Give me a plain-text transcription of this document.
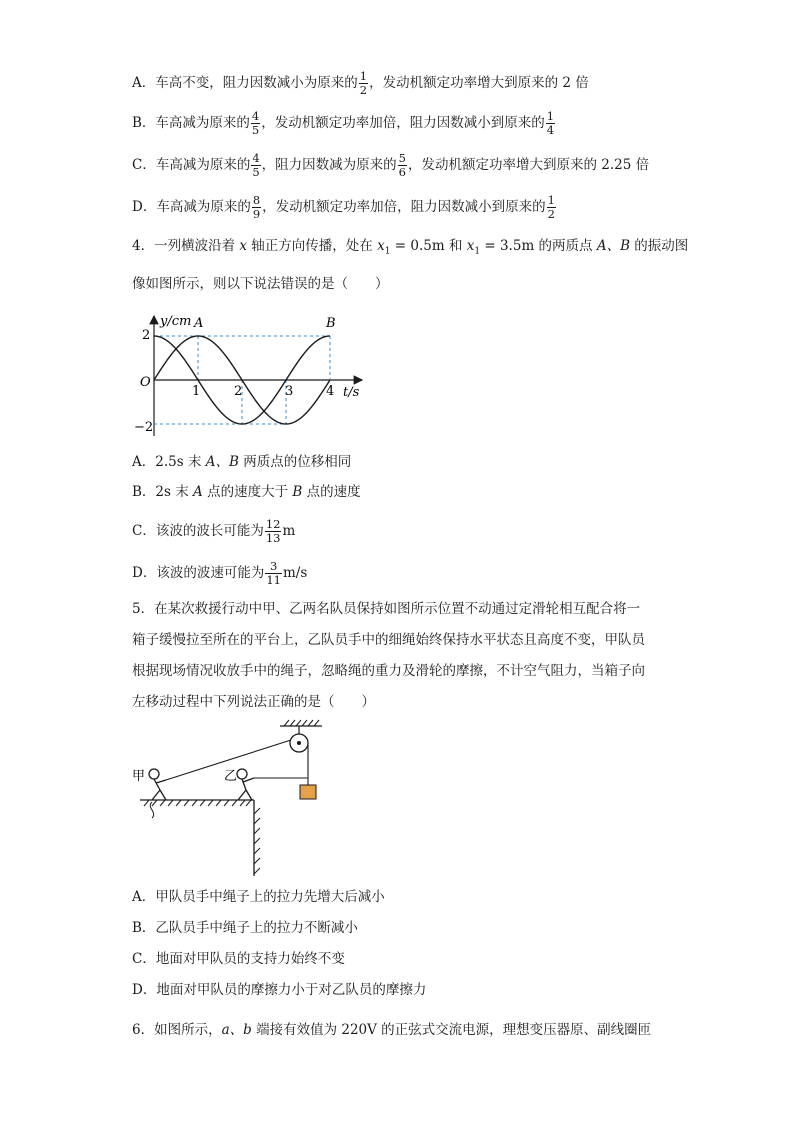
A．车高不变，阻力因数减小为原来的 $\frac{1}{2}$ ，发动机额定功率增大到原来的 2 倍
B．车高减为原来的 $\frac{4}{5}$ ，发动机额定功率加倍，阻力因数减小到原来的 $\frac{1}{4}$
C．车高减为原来的 $\frac{4}{5}$ ，阻力因数减为原来的 $\frac{5}{6}$ ，发动机额定功率增大到原来的 2.25 倍
D．车高减为原来的 $\frac{8}{9}$ ，发动机额定功率加倍，阻力因数减小到原来的 $\frac{1}{2}$
4．一列横波沿着 x 轴正方向传播，处在 $x_1 = 0.5m$ 和 $x_1 = 3.5m$ 的两质点 A、B 的振动图
像如图所示，则以下说法错误的是（　　）
y/cm
t/s
O
2
−2
1	2	3	4
A	B
A．2.5s 末 A、B 两质点的位移相同
B．2s 末 A 点的速度大于 B 点的速度
C．该波的波长可能为 $\frac{12}{13}$ m
D．该波的波速可能为 $\frac{3}{11} m/s$
5．在某次救援行动中甲、乙两名队员保持如图所示位置不动通过定滑轮相互配合将一
箱子缓慢拉至所在的平台上，乙队员手中的细绳始终保持水平状态且高度不变，甲队员
根据现场情况收放手中的绳子，忽略绳的重力及滑轮的摩擦，不计空气阻力，当箱子向
左移动过程中下列说法正确的是（　　）
甲	乙
A．甲队员手中绳子上的拉力先增大后减小
B．乙队员手中绳子上的拉力不断减小
C．地面对甲队员的支持力始终不变
D．地面对甲队员的摩擦力小于对乙队员的摩擦力
6．如图所示，a、b 端接有效值为 220V 的正弦式交流电源，理想变压器原、副线圈匝
